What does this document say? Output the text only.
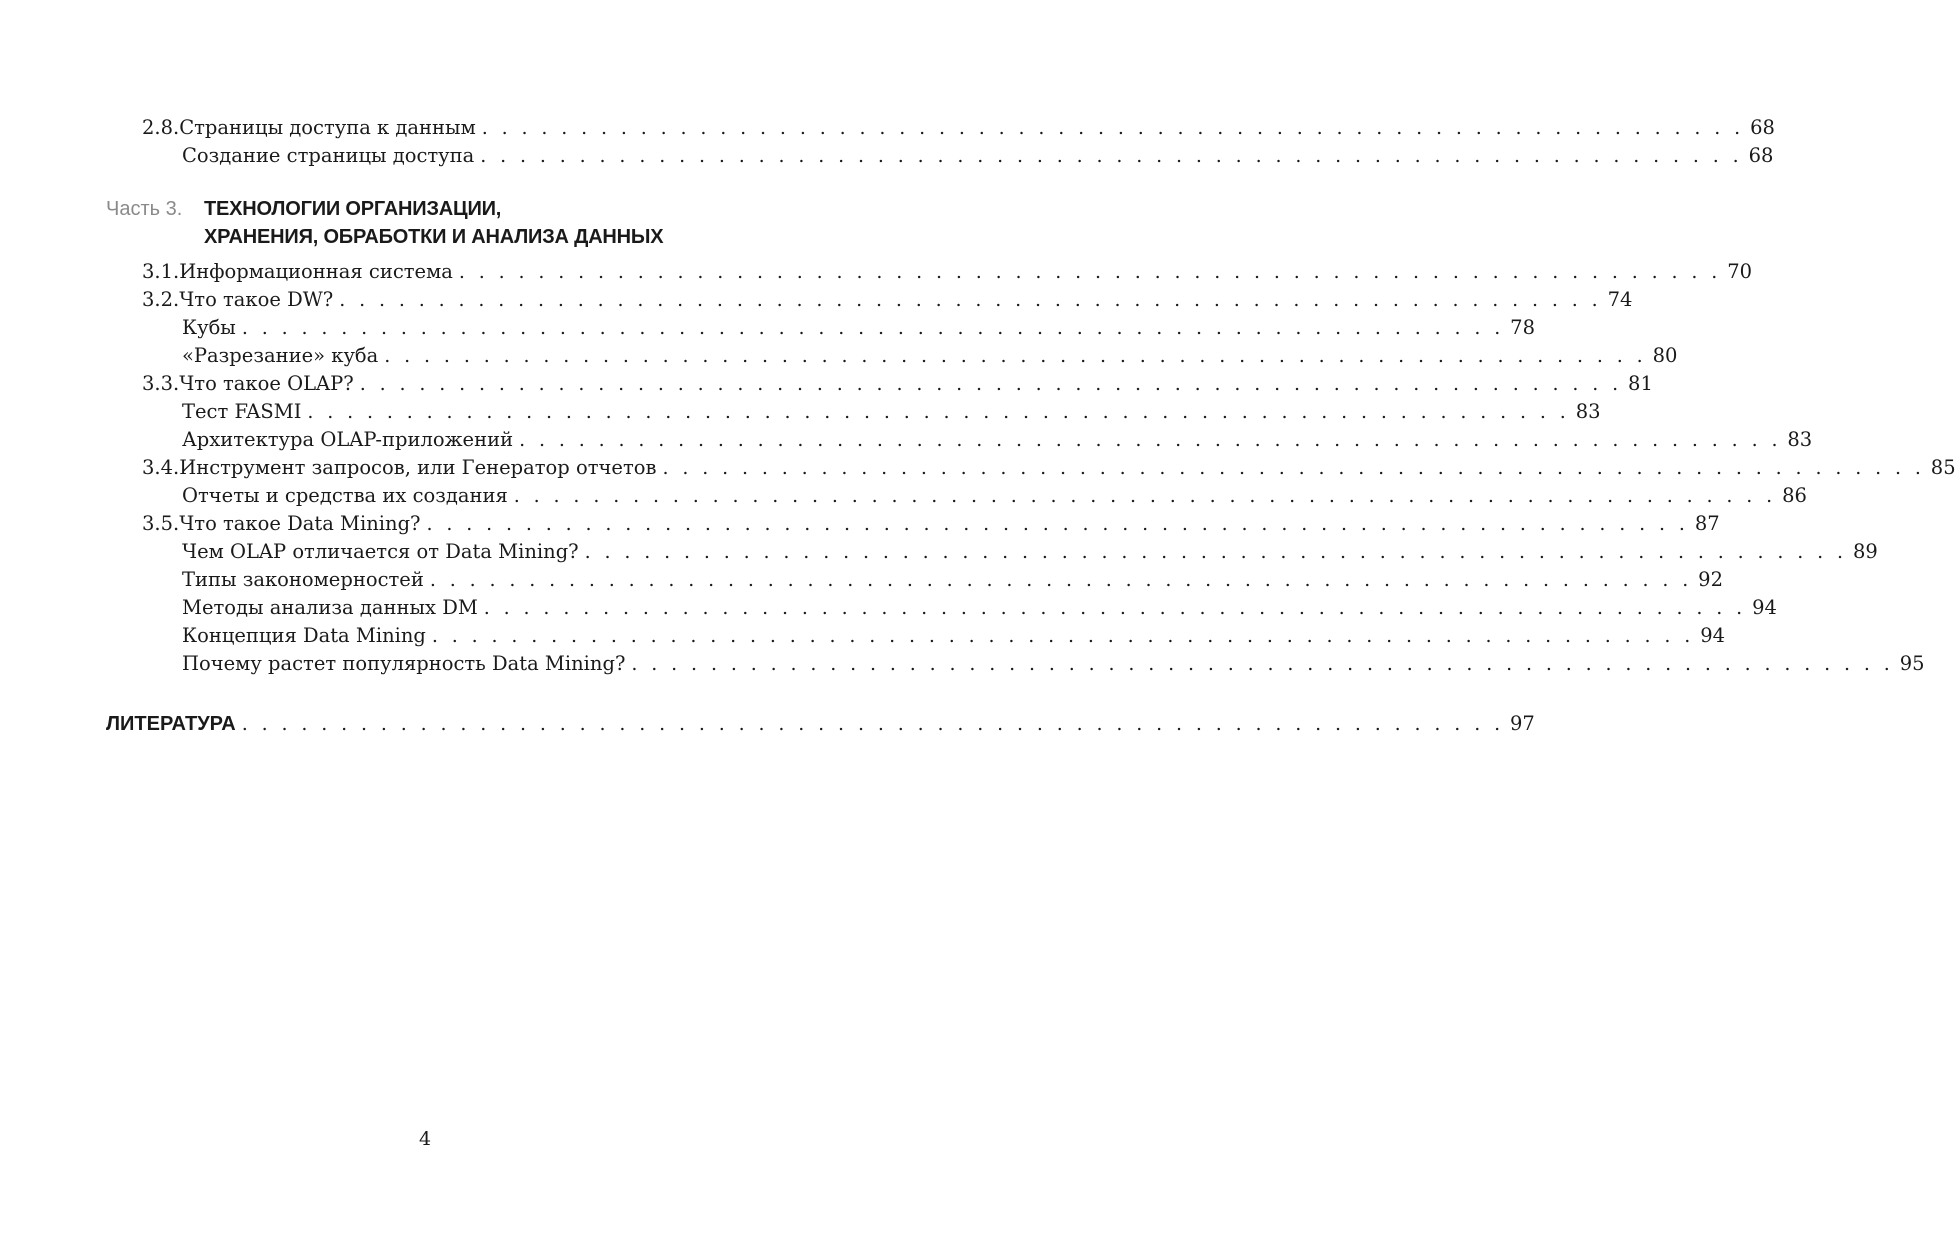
2.8. Страницы доступа к данным . . . . . . . . . . . . . . . . . . . . . . . . . . . . . . . . . . . . . . . . . . . . . . . . . . . . . . . . . . . . . . . . 68
Создание страницы доступа . . . . . . . . . . . . . . . . . . . . . . . . . . . . . . . . . . . . . . . . . . . . . . . . . . . . . . . . . . . . . . . . 68
Часть 3. ТЕХНОЛОГИИ ОРГАНИЗАЦИИ,
ХРАНЕНИЯ, ОБРАБОТКИ И АНАЛИЗА ДАННЫХ
3.1. Информационная система . . . . . . . . . . . . . . . . . . . . . . . . . . . . . . . . . . . . . . . . . . . . . . . . . . . . . . . . . . . . . . . . 70
3.2. Что такое DW? . . . . . . . . . . . . . . . . . . . . . . . . . . . . . . . . . . . . . . . . . . . . . . . . . . . . . . . . . . . . . . . . 74
Кубы . . . . . . . . . . . . . . . . . . . . . . . . . . . . . . . . . . . . . . . . . . . . . . . . . . . . . . . . . . . . . . . . 78
«Разрезание» куба . . . . . . . . . . . . . . . . . . . . . . . . . . . . . . . . . . . . . . . . . . . . . . . . . . . . . . . . . . . . . . . . 80
3.3. Что такое OLAP? . . . . . . . . . . . . . . . . . . . . . . . . . . . . . . . . . . . . . . . . . . . . . . . . . . . . . . . . . . . . . . . . 81
Тест FASMI . . . . . . . . . . . . . . . . . . . . . . . . . . . . . . . . . . . . . . . . . . . . . . . . . . . . . . . . . . . . . . . . 83
Архитектура OLAP-приложений . . . . . . . . . . . . . . . . . . . . . . . . . . . . . . . . . . . . . . . . . . . . . . . . . . . . . . . . . . . . . . . . 83
3.4. Инструмент запросов, или Генератор отчетов . . . . . . . . . . . . . . . . . . . . . . . . . . . . . . . . . . . . . . . . . . . . . . . . . . . . . . . . . . . . . . . . 85
Отчеты и средства их создания . . . . . . . . . . . . . . . . . . . . . . . . . . . . . . . . . . . . . . . . . . . . . . . . . . . . . . . . . . . . . . . . 86
3.5. Что такое Data Mining? . . . . . . . . . . . . . . . . . . . . . . . . . . . . . . . . . . . . . . . . . . . . . . . . . . . . . . . . . . . . . . . . 87
Чем OLAP отличается от Data Mining? . . . . . . . . . . . . . . . . . . . . . . . . . . . . . . . . . . . . . . . . . . . . . . . . . . . . . . . . . . . . . . . . 89
Типы закономерностей . . . . . . . . . . . . . . . . . . . . . . . . . . . . . . . . . . . . . . . . . . . . . . . . . . . . . . . . . . . . . . . . 92
Методы анализа данных DM . . . . . . . . . . . . . . . . . . . . . . . . . . . . . . . . . . . . . . . . . . . . . . . . . . . . . . . . . . . . . . . . 94
Концепция Data Mining . . . . . . . . . . . . . . . . . . . . . . . . . . . . . . . . . . . . . . . . . . . . . . . . . . . . . . . . . . . . . . . . 94
Почему растет популярность Data Mining? . . . . . . . . . . . . . . . . . . . . . . . . . . . . . . . . . . . . . . . . . . . . . . . . . . . . . . . . . . . . . . . . 95
ЛИТЕРАТУРА . . . . . . . . . . . . . . . . . . . . . . . . . . . . . . . . . . . . . . . . . . . . . . . . . . . . . . . . . . . . . . . . 97
4
